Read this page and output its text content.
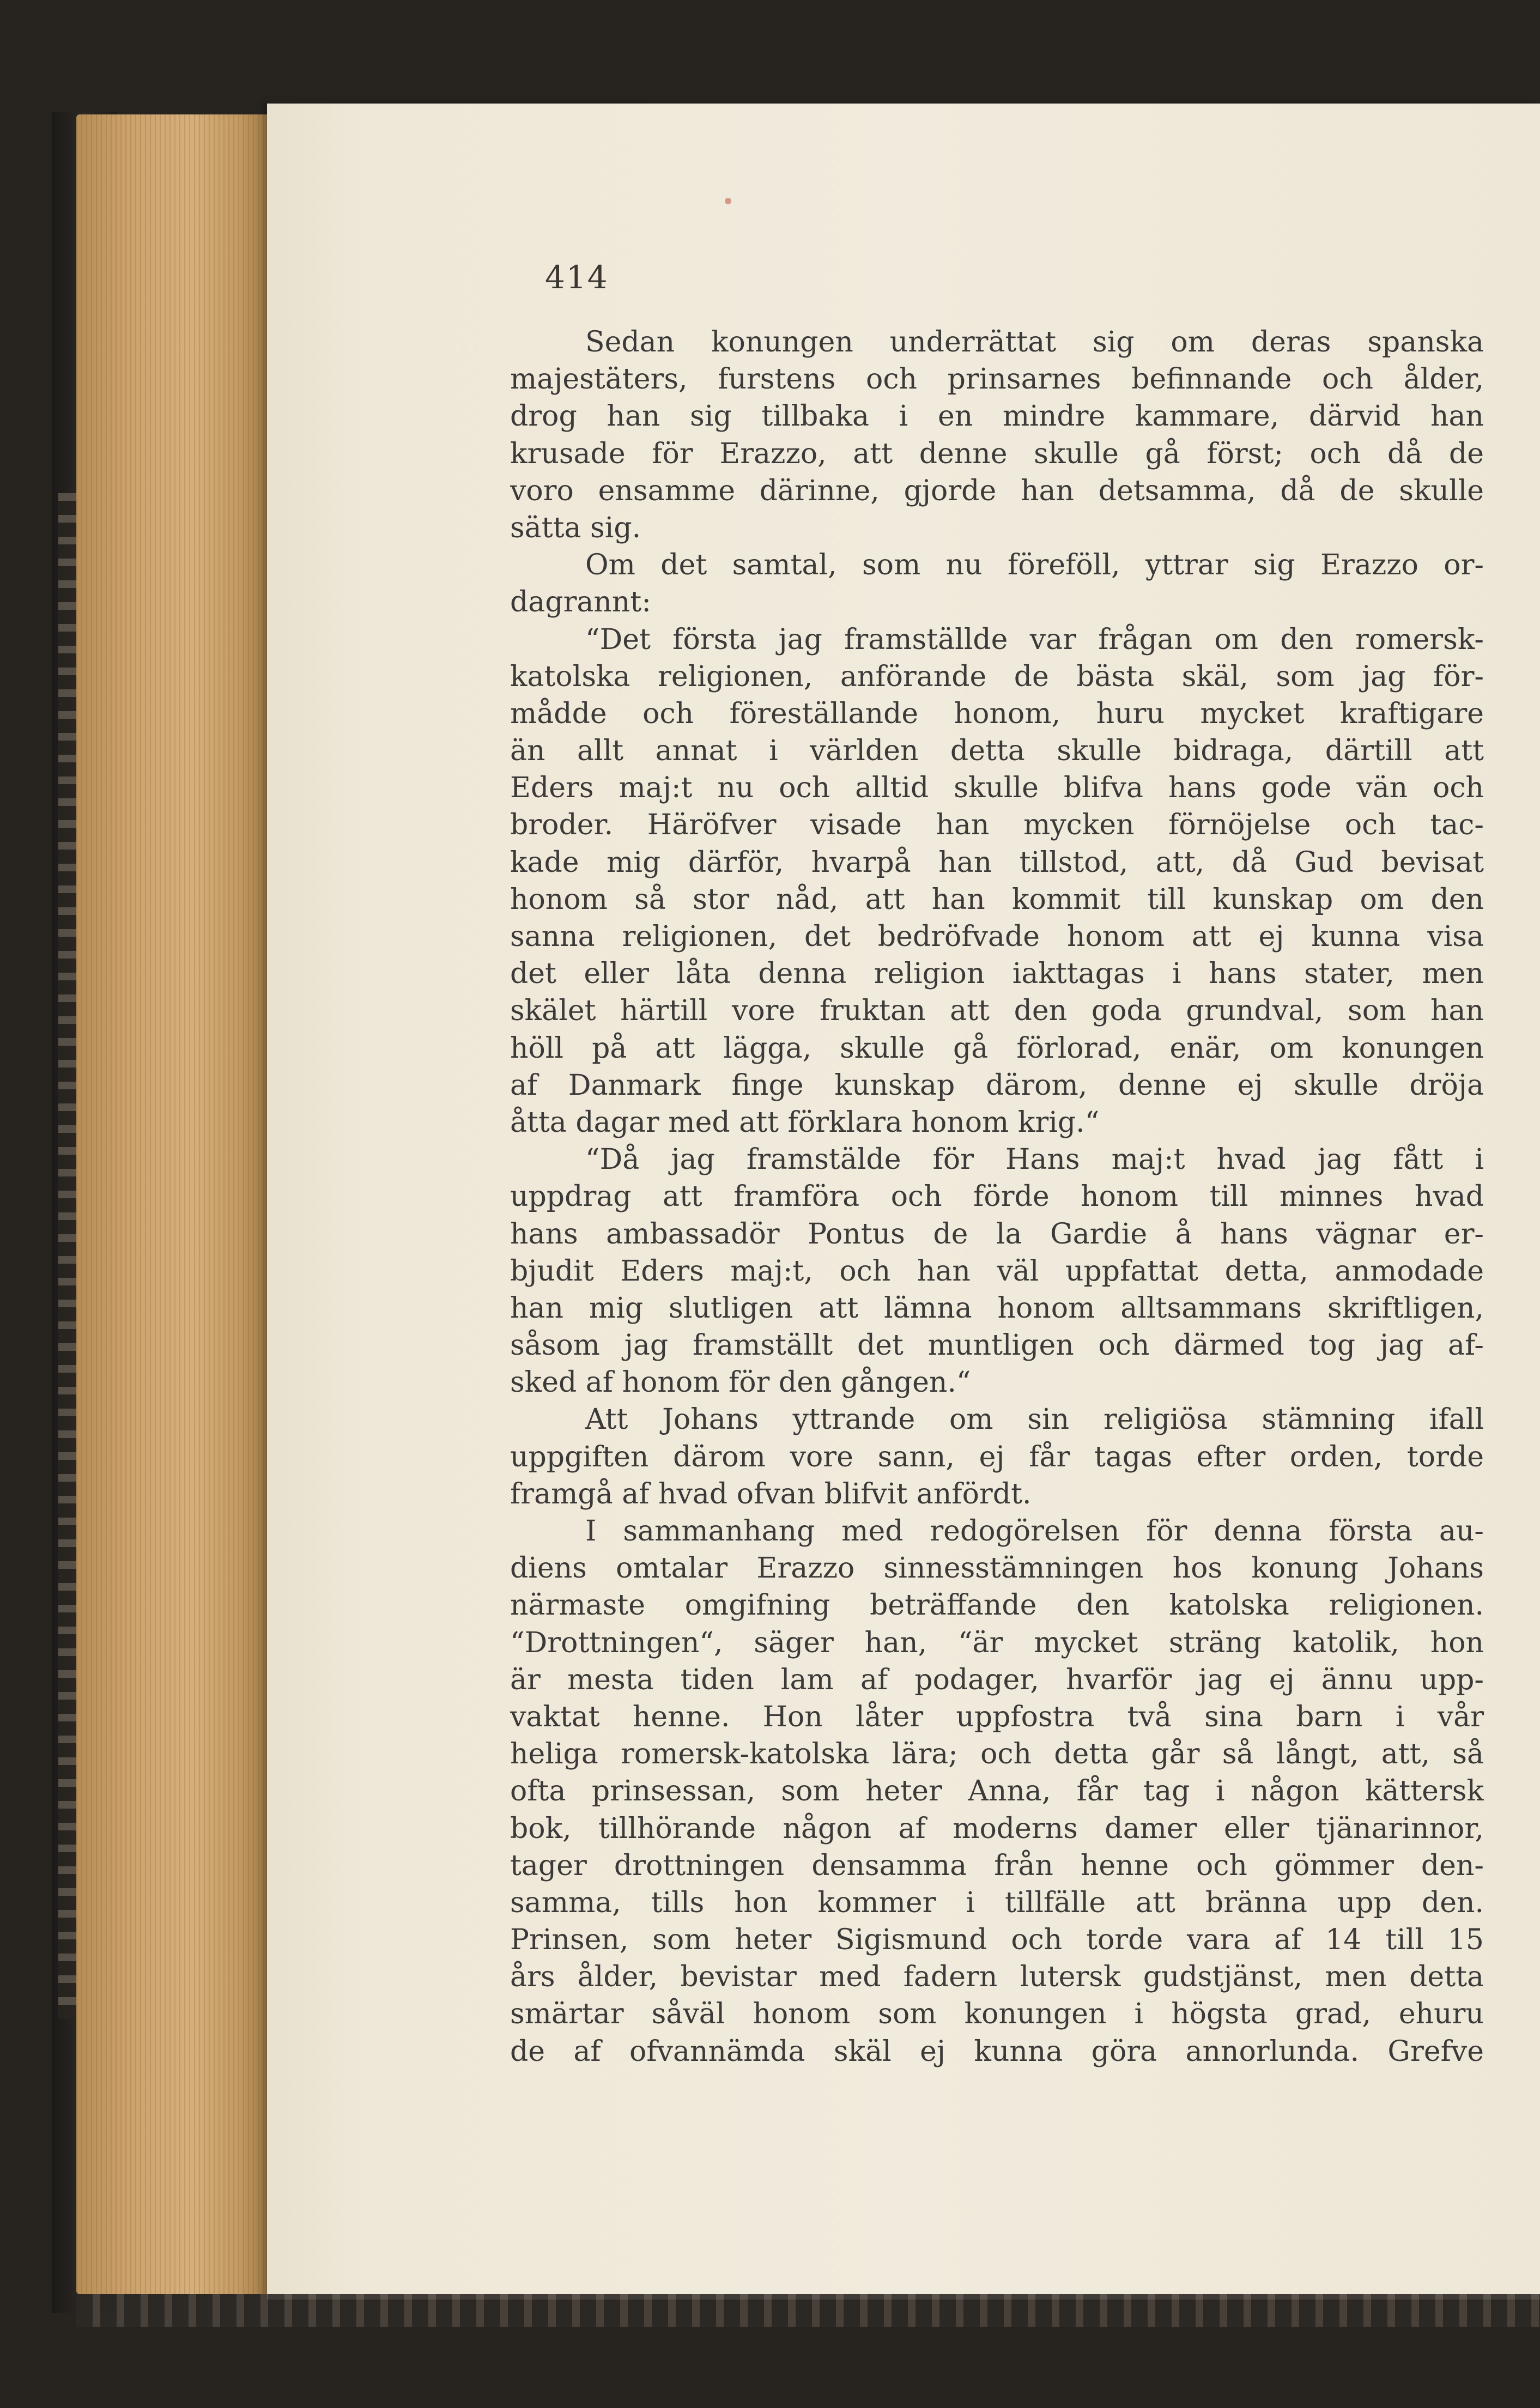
414
Sedan konungen underrättat sig om deras spanska
majestäters, furstens och prinsarnes befinnande och ålder,
drog han sig tillbaka i en mindre kammare, därvid han
krusade för Erazzo, att denne skulle gå först; och då de
voro ensamme därinne, gjorde han detsamma, då de skulle
sätta sig.
Om det samtal, som nu föreföll, yttrar sig Erazzo or-
dagrannt:
“Det första jag framställde var frågan om den romersk-
katolska religionen, anförande de bästa skäl, som jag för-
mådde och föreställande honom, huru mycket kraftigare
än allt annat i världen detta skulle bidraga, därtill att
Eders maj:t nu och alltid skulle blifva hans gode vän och
broder. Häröfver visade han mycken förnöjelse och tac-
kade mig därför, hvarpå han tillstod, att, då Gud bevisat
honom så stor nåd, att han kommit till kunskap om den
sanna religionen, det bedröfvade honom att ej kunna visa
det eller låta denna religion iakttagas i hans stater, men
skälet härtill vore fruktan att den goda grundval, som han
höll på att lägga, skulle gå förlorad, enär, om konungen
af Danmark finge kunskap därom, denne ej skulle dröja
åtta dagar med att förklara honom krig.“
“Då jag framstälde för Hans maj:t hvad jag fått i
uppdrag att framföra och förde honom till minnes hvad
hans ambassadör Pontus de la Gardie å hans vägnar er-
bjudit Eders maj:t, och han väl uppfattat detta, anmodade
han mig slutligen att lämna honom alltsammans skriftligen,
såsom jag framställt det muntligen och därmed tog jag af-
sked af honom för den gången.“
Att Johans yttrande om sin religiösa stämning ifall
uppgiften därom vore sann, ej får tagas efter orden, torde
framgå af hvad ofvan blifvit anfördt.
I sammanhang med redogörelsen för denna första au-
diens omtalar Erazzo sinnesstämningen hos konung Johans
närmaste omgifning beträffande den katolska religionen.
“Drottningen“, säger han, “är mycket sträng katolik, hon
är mesta tiden lam af podager, hvarför jag ej ännu upp-
vaktat henne. Hon låter uppfostra två sina barn i vår
heliga romersk-katolska lära; och detta går så långt, att, så
ofta prinsessan, som heter Anna, får tag i någon kättersk
bok, tillhörande någon af moderns damer eller tjänarinnor,
tager drottningen densamma från henne och gömmer den-
samma, tills hon kommer i tillfälle att bränna upp den.
Prinsen, som heter Sigismund och torde vara af 14 till 15
års ålder, bevistar med fadern lutersk gudstjänst, men detta
smärtar såväl honom som konungen i högsta grad, ehuru
de af ofvannämda skäl ej kunna göra annorlunda. Grefve
